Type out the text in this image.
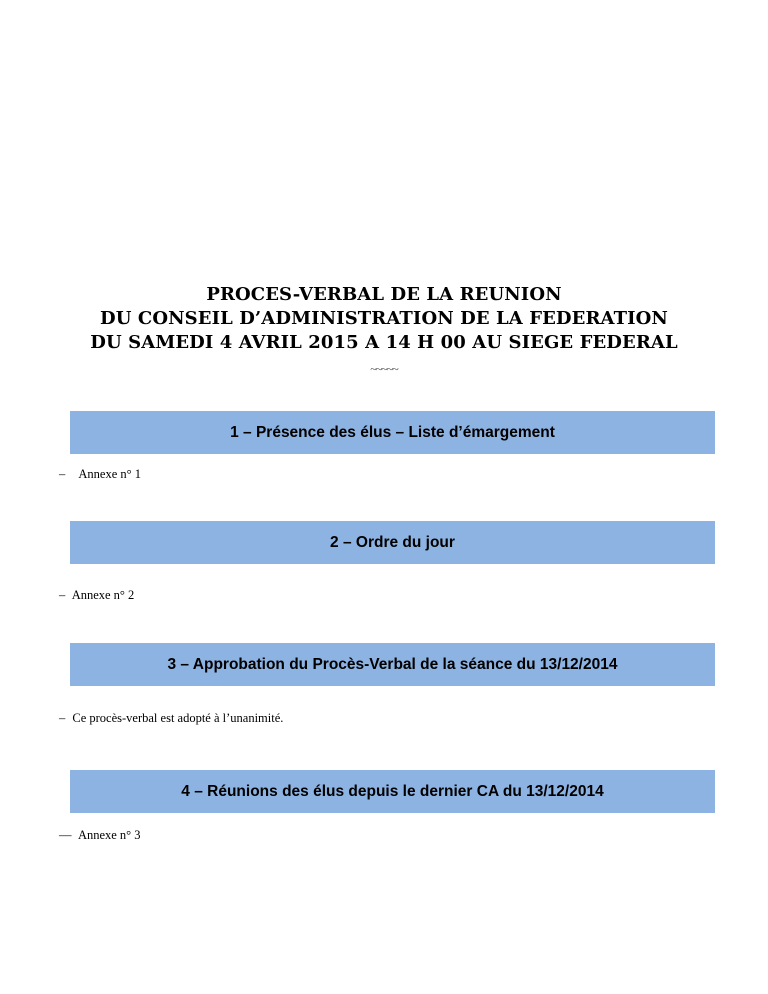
PROCES-VERBAL DE LA REUNION
DU CONSEIL D’ADMINISTRATION DE LA FEDERATION
DU SAMEDI 4 AVRIL 2015 A 14 H 00 AU SIEGE FEDERAL
~~~~~
1 – Présence des élus – Liste d’émargement
– Annexe n° 1
2 – Ordre du jour
– Annexe n° 2
3 – Approbation du Procès-Verbal de la séance du 13/12/2014
– Ce procès-verbal est adopté à l’unanimité.
4 – Réunions des élus depuis le dernier CA du 13/12/2014
— Annexe n° 3
